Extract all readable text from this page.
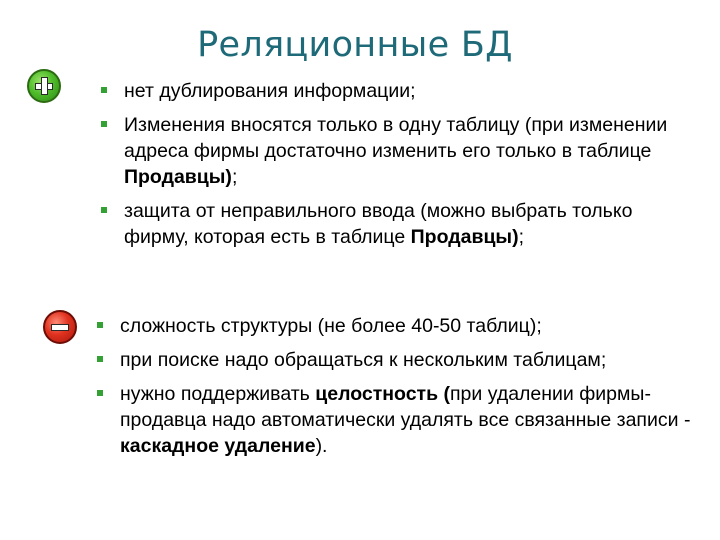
Реляционные БД
нет дублирования информации;
Изменения вносятся только в одну таблицу (при изменении адреса фирмы достаточно изменить его только в таблице Продавцы);
защита от неправильного ввода (можно выбрать только фирму, которая есть в таблице Продавцы);
сложность структуры (не более 40-50 таблиц);
при поиске надо обращаться к нескольким таблицам;
нужно поддерживать целостность (при удалении фирмы-продавца надо автоматически удалять все связанные записи - каскадное удаление).
